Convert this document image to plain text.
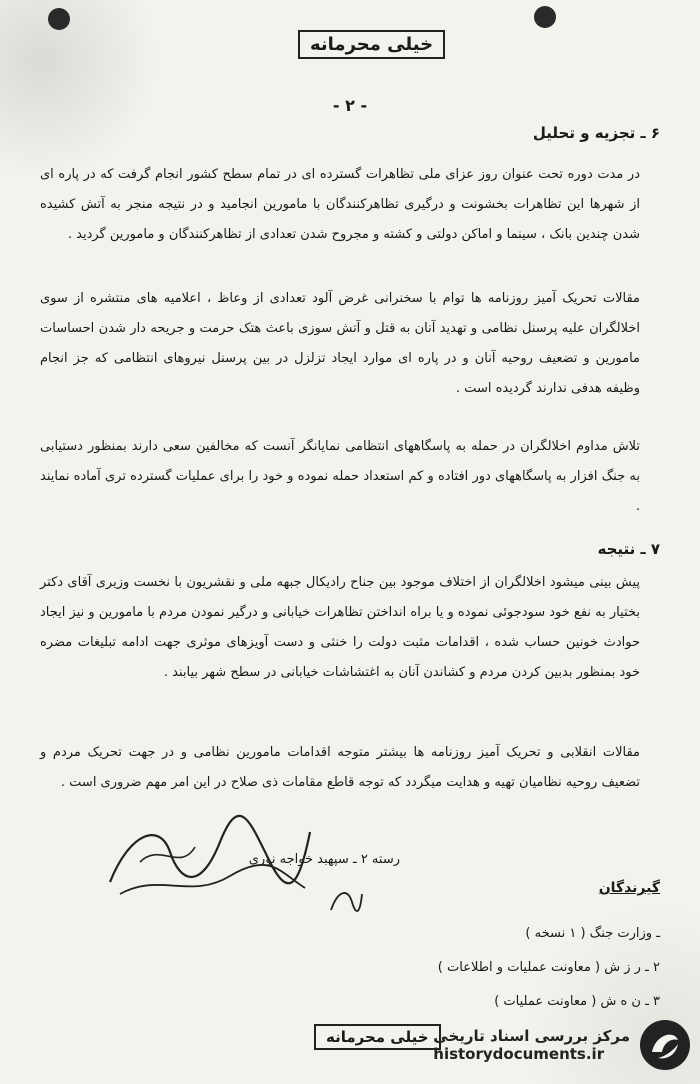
خیلی محرمانه
- ۲ -
۶ ـ تجزیه و تحلیل
در مدت دوره تحت عنوان روز عزای ملی تظاهرات گسترده ای در تمام سطح کشور انجام گرفت که در پاره ای از شهرها این تظاهرات بخشونت و درگیری تظاهرکنندگان با مامورین انجامید و در نتیجه منجر به آتش کشیده شدن چندین بانک ، سینما و اماکن دولتی و کشته و مجروح شدن تعدادی از تظاهرکنندگان و مامورین گردید .
مقالات تحریک آمیز روزنامه ها توام با سخنرانی غرض آلود تعدادی از وعاظ ، اعلامیه های منتشره از سوی اخلالگران علیه پرسنل نظامی و تهدید آنان به قتل و آتش سوزی باعث هتک حرمت و جریحه دار شدن احساسات مامورین و تضعیف روحیه آنان و در پاره ای موارد ایجاد تزلزل در بین پرسنل نیروهای انتظامی که جز انجام وظیفه هدفی ندارند گردیده است .
تلاش مداوم اخلالگران در حمله به پاسگاههای انتظامی نمایانگر آنست که مخالفین سعی دارند بمنظور دستیابی به جنگ افزار به پاسگاههای دور افتاده و کم استعداد حمله نموده و خود را برای عملیات گسترده تری آماده نمایند .
۷ ـ نتیجه
پیش بینی میشود اخلالگران از اختلاف موجود بین جناح رادیکال جبهه ملی و نقشریون با نخست وزیری آقای دکتر بختیار به نفع خود سودجوئی نموده و یا براه انداختن تظاهرات خیابانی و درگیر نمودن مردم با مامورین و نیز ایجاد حوادث خونین حساب شده ، اقدامات مثبت دولت را خنثی و دست آویزهای موثری جهت ادامه تبلیغات مضره خود بمنظور بدبین کردن مردم و کشاندن آنان به اغتشاشات خیابانی در سطح شهر بیابند .
مقالات انقلابی و تحریک آمیز روزنامه ها بیشتر متوجه اقدامات مامورین نظامی و در جهت تحریک مردم و تضعیف روحیه نظامیان تهیه و هدایت میگردد که توجه قاطع مقامات ذی صلاح در این امر مهم ضروری است .
رسته ۲ ـ سپهبد خواجه نوری
گیرندگان
ـ وزارت جنگ ( ۱ نسخه )
۲ ـ ر ز ش ( معاونت عملیات و اطلاعات )
۳ ـ ن ه ش ( معاونت عملیات )
خیلی محرمانه مرکز بررسی اسناد تاریخی
historydocuments.ir
